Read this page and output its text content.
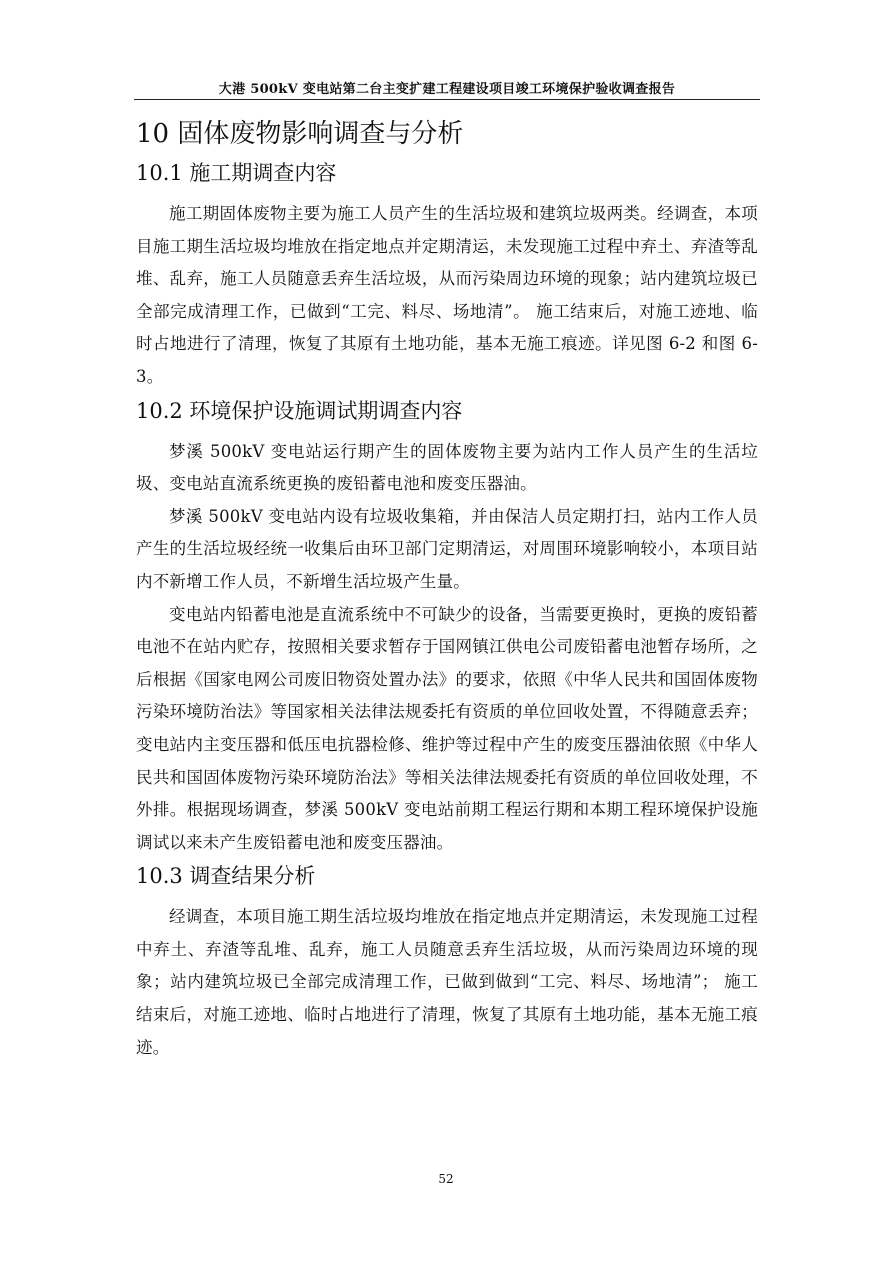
大港 500kV 变电站第二台主变扩建工程建设项目竣工环境保护验收调查报告
10 固体废物影响调查与分析
10.1 施工期调查内容

施工期固体废物主要为施工人员产生的生活垃圾和建筑垃圾两类。经调查，本项目施工期生活垃圾均堆放在指定地点并定期清运，未发现施工过程中弃土、弃渣等乱堆、乱弃，施工人员随意丢弃生活垃圾，从而污染周边环境的现象；站内建筑垃圾已全部完成清理工作，已做到“工完、料尽、场地清”。 施工结束后，对施工迹地、临时占地进行了清理，恢复了其原有土地功能，基本无施工痕迹。详见图 6-2 和图 6-3。

10.2 环境保护设施调试期调查内容

梦溪 500kV 变电站运行期产生的固体废物主要为站内工作人员产生的生活垃圾、变电站直流系统更换的废铅蓄电池和废变压器油。

梦溪 500kV 变电站内设有垃圾收集箱，并由保洁人员定期打扫，站内工作人员产生的生活垃圾经统一收集后由环卫部门定期清运，对周围环境影响较小，本项目站内不新增工作人员，不新增生活垃圾产生量。

变电站内铅蓄电池是直流系统中不可缺少的设备，当需要更换时，更换的废铅蓄电池不在站内贮存，按照相关要求暂存于国网镇江供电公司废铅蓄电池暂存场所，之后根据《国家电网公司废旧物资处置办法》的要求，依照《中华人民共和国固体废物污染环境防治法》等国家相关法律法规委托有资质的单位回收处置，不得随意丢弃；变电站内主变压器和低压电抗器检修、维护等过程中产生的废变压器油依照《中华人民共和国固体废物污染环境防治法》等相关法律法规委托有资质的单位回收处理，不外排。根据现场调查，梦溪 500kV 变电站前期工程运行期和本期工程环境保护设施调试以来未产生废铅蓄电池和废变压器油。

10.3 调查结果分析

经调查，本项目施工期生活垃圾均堆放在指定地点并定期清运，未发现施工过程中弃土、弃渣等乱堆、乱弃，施工人员随意丢弃生活垃圾，从而污染周边环境的现象；站内建筑垃圾已全部完成清理工作，已做到做到“工完、料尽、场地清”； 施工结束后，对施工迹地、临时占地进行了清理，恢复了其原有土地功能，基本无施工痕迹。

52
